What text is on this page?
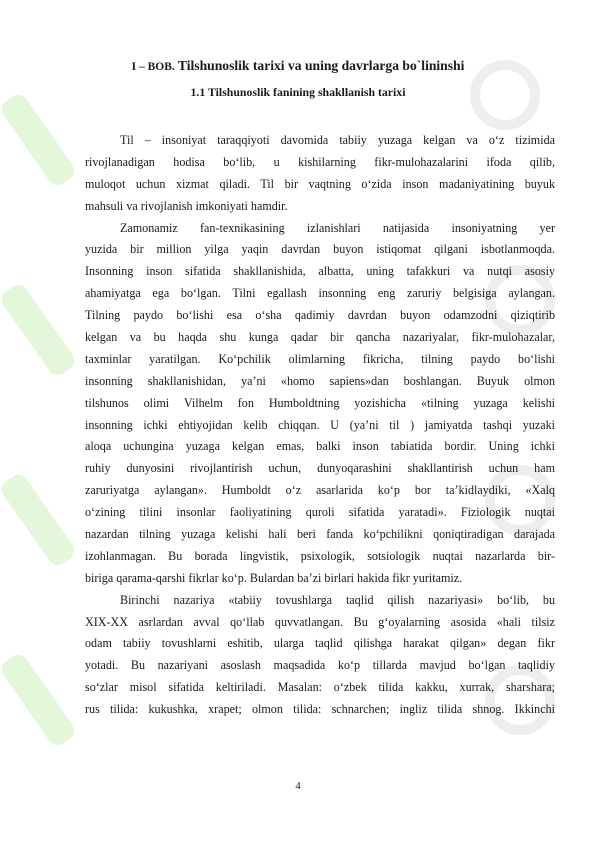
I – BOB. Tilshunoslik tarixi va uning davrlarga bo`lininshi
1.1 Tilshunoslik fanining shakllanish tarixi
Til – insoniyat taraqqiyoti davomida tabiiy yuzaga kelgan va o‘z tizimida
rivojlanadigan hodisa bo‘lib, u kishilarning fikr-mulohazalarini ifoda qilib,
muloqot uchun xizmat qiladi. Til bir vaqtning o‘zida inson madaniyatining buyuk
mahsuli va rivojlanish imkoniyati hamdir.
Zamonamiz fan-texnikasining izlanishlari natijasida insoniyatning yer
yuzida bir million yilga yaqin davrdan buyon istiqomat qilgani isbotlanmoqda.
Insonning inson sifatida shakllanishida, albatta, uning tafakkuri va nutqi asosiy
ahamiyatga ega bo‘lgan. Tilni egallash insonning eng zaruriy belgisiga aylangan.
Tilning paydo bo‘lishi esa o‘sha qadimiy davrdan buyon odamzodni qiziqtirib
kelgan va bu haqda shu kunga qadar bir qancha nazariyalar, fikr-mulohazalar,
taxminlar yaratilgan. Ko‘pchilik olimlarning fikricha, tilning paydo bo‘lishi
insonning shakllanishidan, ya’ni «homo sapiens»dan boshlangan. Buyuk olmon
tilshunos olimi Vilhelm fon Humboldtning yozishicha «tilning yuzaga kelishi
insonning ichki ehtiyojidan kelib chiqqan. U (ya’ni til ) jamiyatda tashqi yuzaki
aloqa uchungina yuzaga kelgan emas, balki inson tabiatida bordir. Uning ichki
ruhiy dunyosini rivojlantirish uchun, dunyoqarashini shakllantirish uchun ham
zaruriyatga aylangan». Humboldt o‘z asarlarida ko‘p bor ta’kidlaydiki, «Xalq
o‘zining tilini insonlar faoliyatining quroli sifatida yaratadi». Fiziologik nuqtai
nazardan tilning yuzaga kelishi hali beri fanda ko‘pchilikni qoniqtiradigan darajada
izohlanmagan. Bu borada lingvistik, psixologik, sotsiologik nuqtai nazarlarda bir-
biriga qarama-qarshi fikrlar ko‘p. Bulardan ba’zi birlari hakida fikr yuritamiz.
Birinchi nazariya «tabiiy tovushlarga taqlid qilish nazariyasi» bo‘lib, bu
XIX-XX asrlardan avval qo‘llab quvvatlangan. Bu g‘oyalarning asosida «hali tilsiz
odam tabiiy tovushlarni eshitib, ularga taqlid qilishga harakat qilgan» degan fikr
yotadi. Bu nazariyani asoslash maqsadida ko‘p tillarda mavjud bo‘lgan taqlidiy
so‘zlar misol sifatida keltiriladi. Masalan: o‘zbek tilida kakku, xurrak, sharshara;
rus tilida: kukushka, xrapet; olmon tilida: schnarchen; ingliz tilida shnog. Ikkinchi
4
